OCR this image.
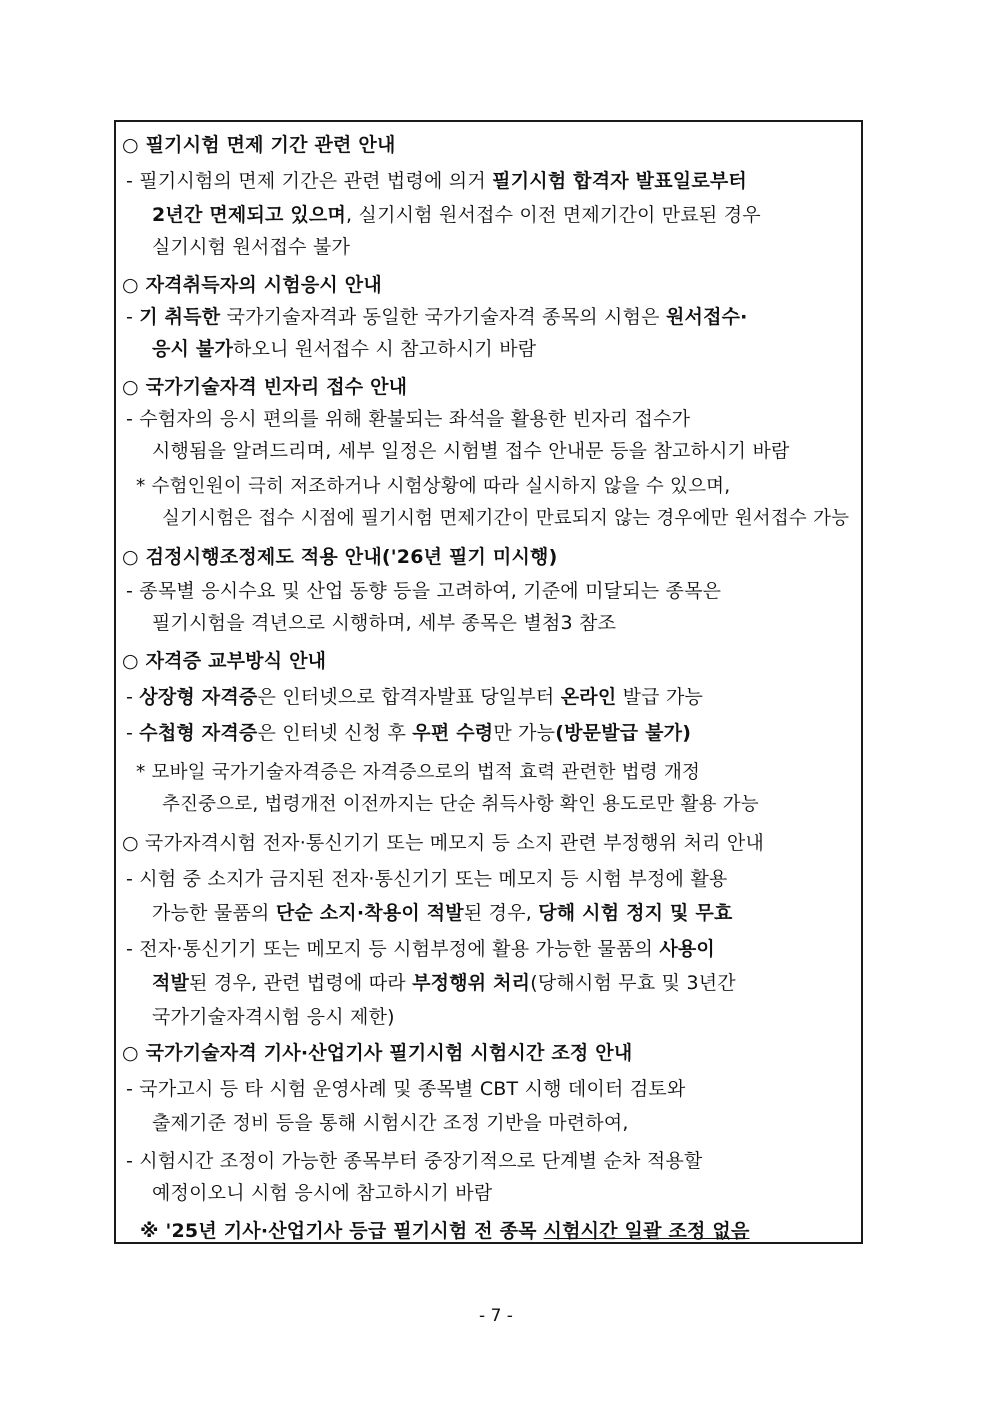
○ 필기시험 면제 기간 관련 안내
- 필기시험의 면제 기간은 관련 법령에 의거 필기시험 합격자 발표일로부터
2년간 면제되고 있으며, 실기시험 원서접수 이전 면제기간이 만료된 경우
실기시험 원서접수 불가
○ 자격취득자의 시험응시 안내
- 기 취득한 국가기술자격과 동일한 국가기술자격 종목의 시험은 원서접수·
응시 불가하오니 원서접수 시 참고하시기 바람
○ 국가기술자격 빈자리 접수 안내
- 수험자의 응시 편의를 위해 환불되는 좌석을 활용한 빈자리 접수가
시행됨을 알려드리며, 세부 일정은 시험별 접수 안내문 등을 참고하시기 바람
* 수험인원이 극히 저조하거나 시험상황에 따라 실시하지 않을 수 있으며,
실기시험은 접수 시점에 필기시험 면제기간이 만료되지 않는 경우에만 원서접수 가능
○ 검정시행조정제도 적용 안내('26년 필기 미시행)
- 종목별 응시수요 및 산업 동향 등을 고려하여, 기준에 미달되는 종목은
필기시험을 격년으로 시행하며, 세부 종목은 별첨3 참조
○ 자격증 교부방식 안내
- 상장형 자격증은 인터넷으로 합격자발표 당일부터 온라인 발급 가능
- 수첩형 자격증은 인터넷 신청 후 우편 수령만 가능(방문발급 불가)
* 모바일 국가기술자격증은 자격증으로의 법적 효력 관련한 법령 개정
추진중으로, 법령개전 이전까지는 단순 취득사항 확인 용도로만 활용 가능
○ 국가자격시험 전자·통신기기 또는 메모지 등 소지 관련 부정행위 처리 안내
- 시험 중 소지가 금지된 전자·통신기기 또는 메모지 등 시험 부정에 활용
가능한 물품의 단순 소지·착용이 적발된 경우, 당해 시험 정지 및 무효
- 전자·통신기기 또는 메모지 등 시험부정에 활용 가능한 물품의 사용이
적발된 경우, 관련 법령에 따라 부정행위 처리(당해시험 무효 및 3년간
국가기술자격시험 응시 제한)
○ 국가기술자격 기사·산업기사 필기시험 시험시간 조정 안내
- 국가고시 등 타 시험 운영사례 및 종목별 CBT 시행 데이터 검토와
출제기준 정비 등을 통해 시험시간 조정 기반을 마련하여,
- 시험시간 조정이 가능한 종목부터 중장기적으로 단계별 순차 적용할
예정이오니 시험 응시에 참고하시기 바람
※ '25년 기사·산업기사 등급 필기시험 전 종목 시험시간 일괄 조정 없음
- 7 -
